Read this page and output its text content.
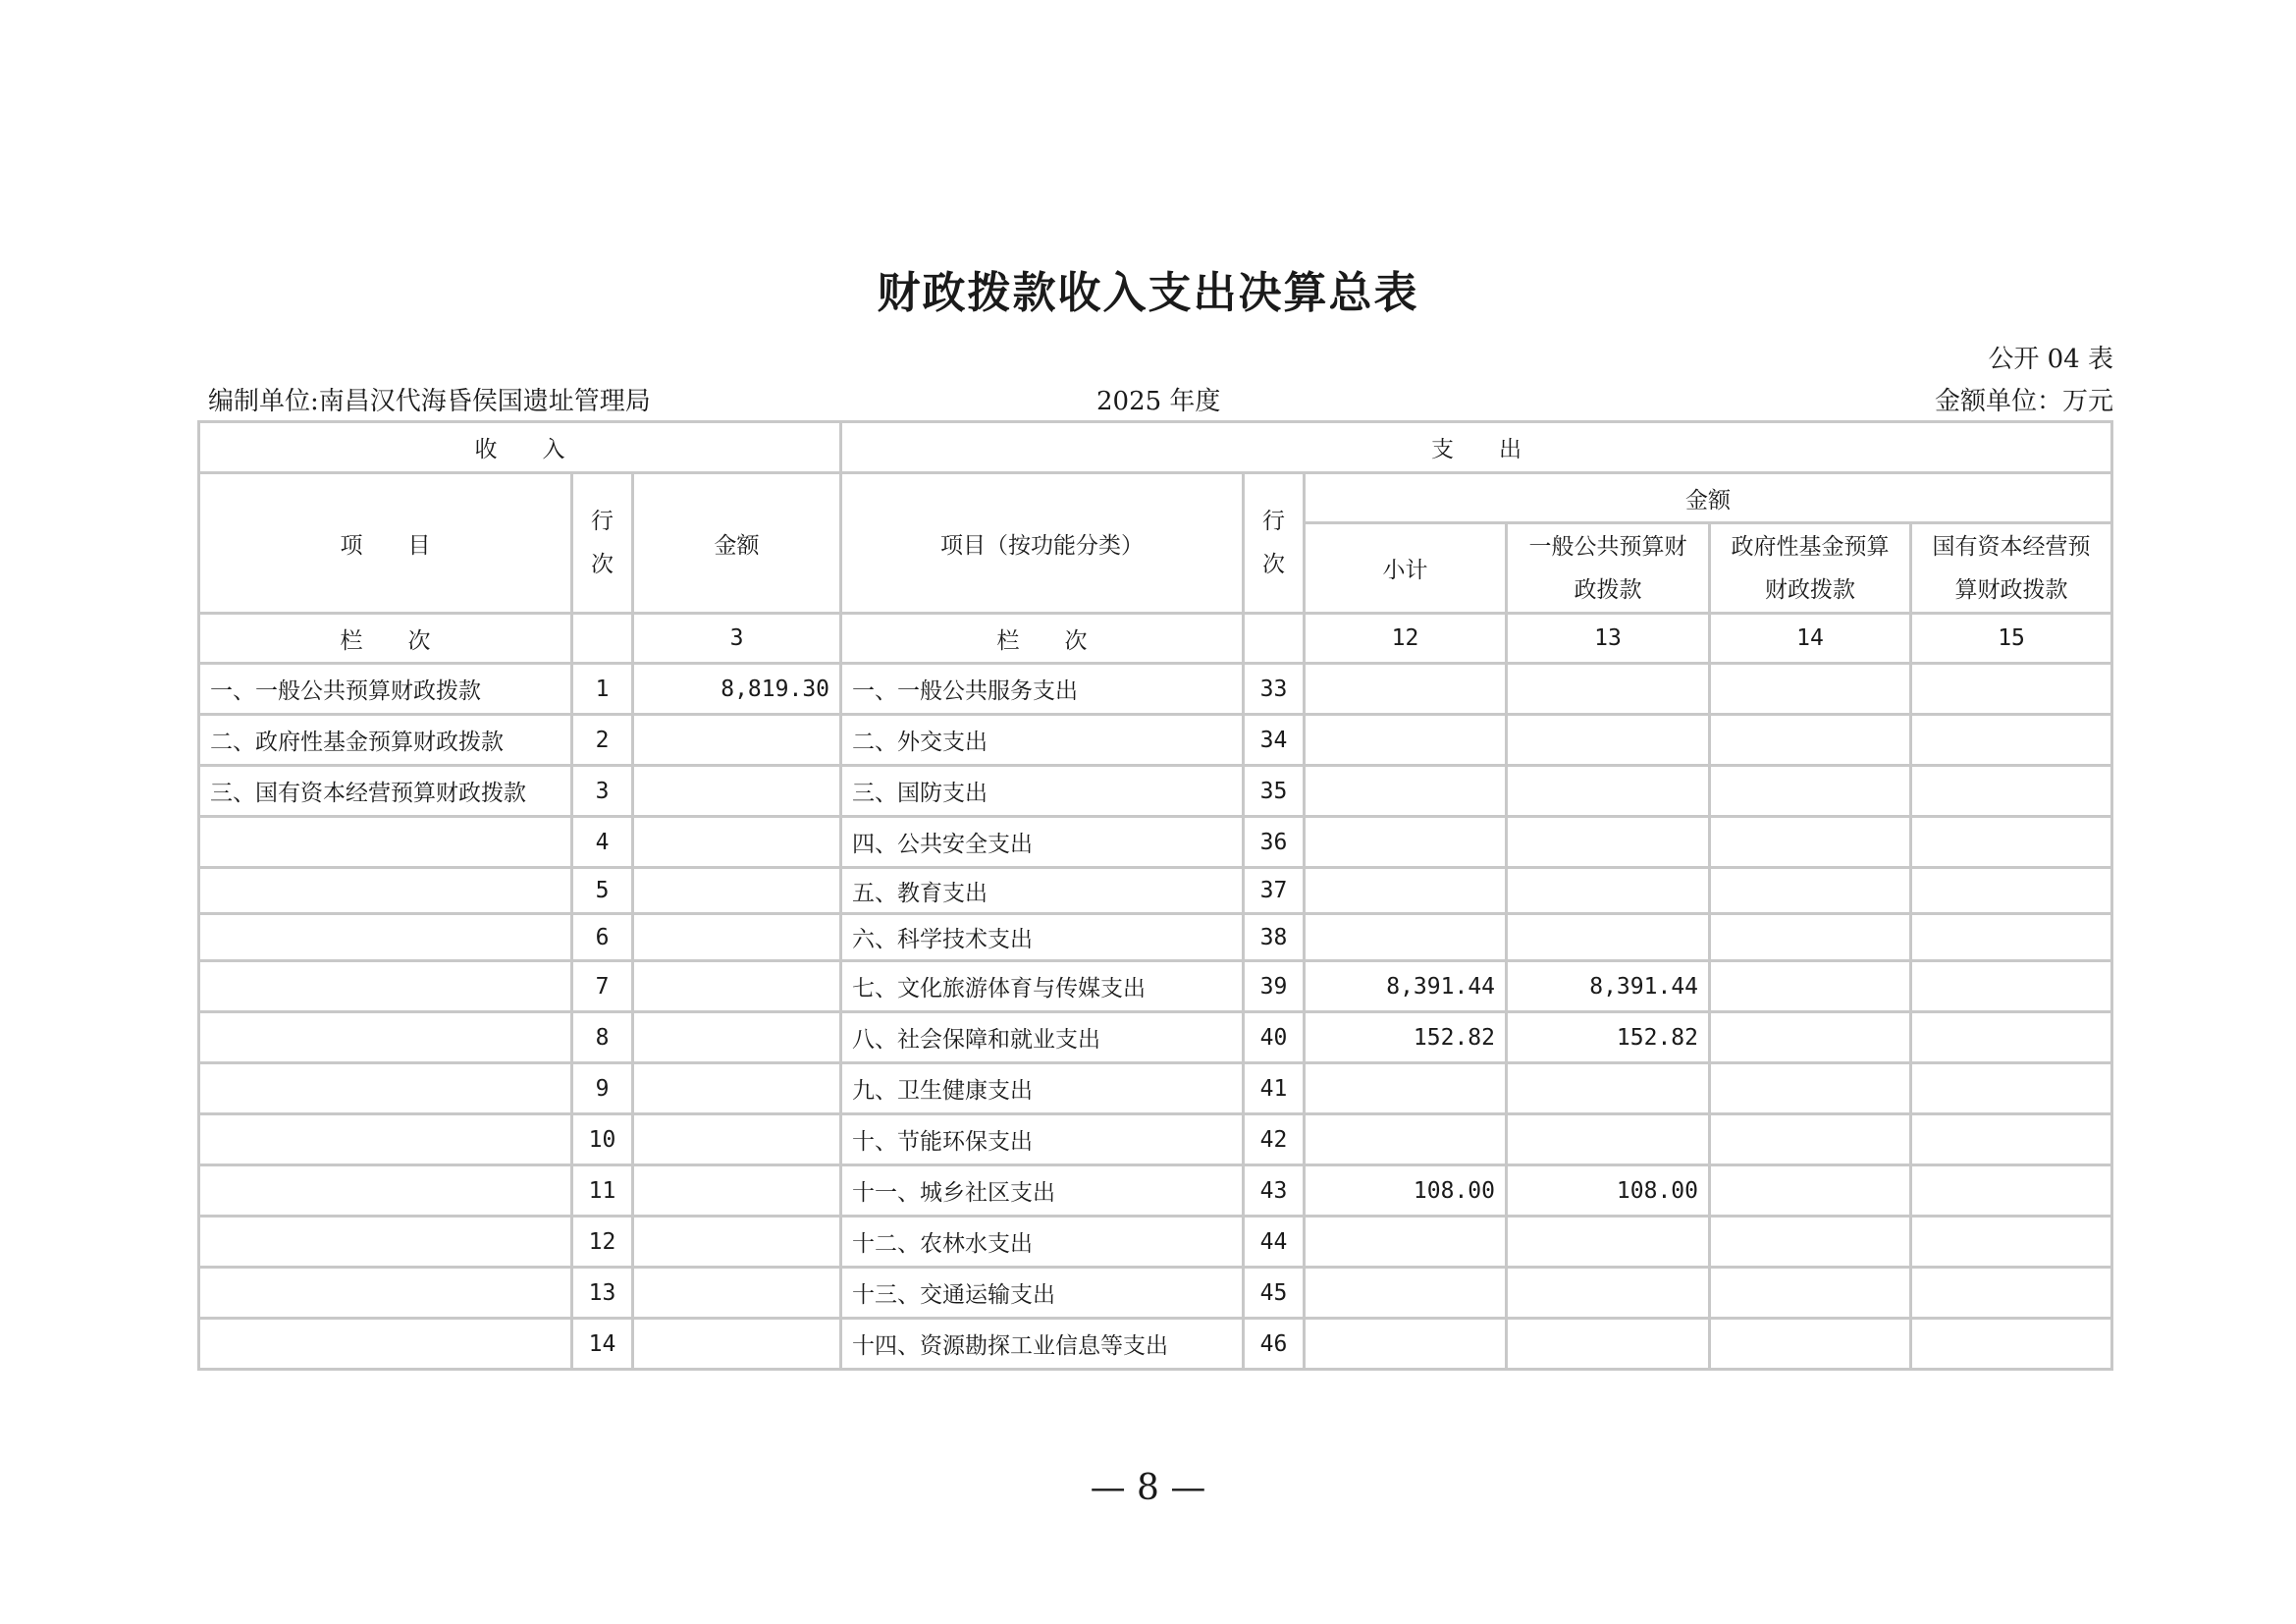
财政拨款收入支出决算总表
公开 04 表
编制单位:南昌汉代海昏侯国遗址管理局	2025 年度	金额单位：万元
收　　入			支　　出					
项　　目	行 次	金额	项目（按功能分类）	行 次	金额			
					小计	一般公共预算财 政拨款	政府性基金预算 财政拨款	国有资本经营预 算财政拨款
栏　　次		3	栏　　次		12	13	14	15
一、一般公共预算财政拨款	1	8,819.30	一、一般公共服务支出	33				
二、政府性基金预算财政拨款	2		二、外交支出	34				
三、国有资本经营预算财政拨款	3		三、国防支出	35				
	4		四、公共安全支出	36				
	5		五、教育支出	37				
	6		六、科学技术支出	38				
	7		七、文化旅游体育与传媒支出	39	8,391.44	8,391.44		
	8		八、社会保障和就业支出	40	152.82	152.82		
	9		九、卫生健康支出	41				
	10		十、节能环保支出	42				
	11		十一、城乡社区支出	43	108.00	108.00		
	12		十二、农林水支出	44				
	13		十三、交通运输支出	45				
	14		十四、资源勘探工业信息等支出	46				
— 8 —
